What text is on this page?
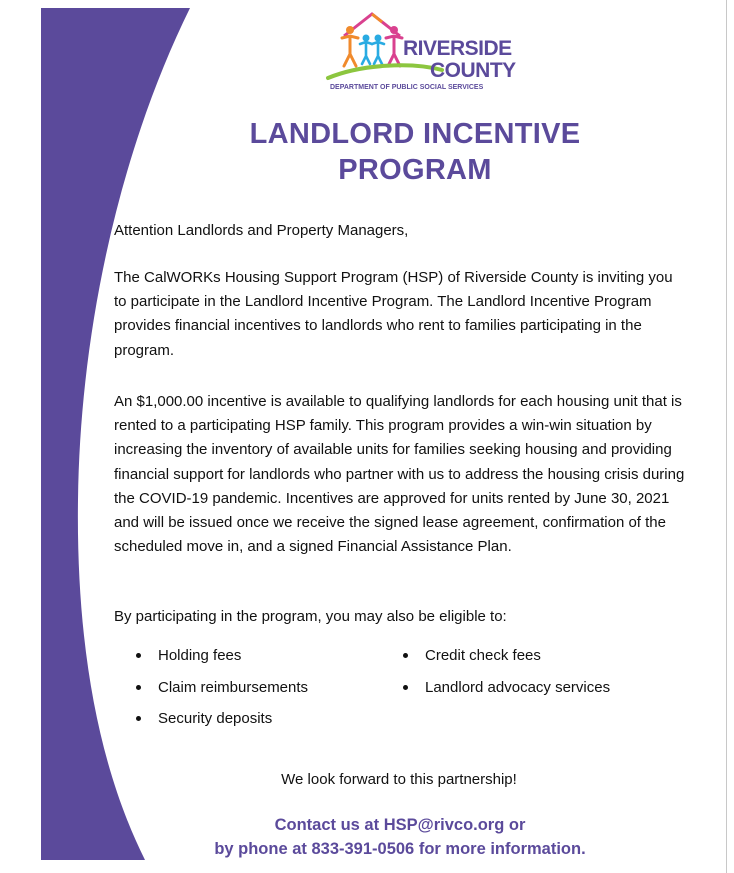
RIVERSIDE
COUNTY
DEPARTMENT OF PUBLIC SOCIAL SERVICES
LANDLORD INCENTIVE
PROGRAM
Attention Landlords and Property Managers,
The CalWORKs Housing Support Program (HSP) of Riverside County is inviting you to participate in the Landlord Incentive Program. The Landlord Incentive Program provides financial incentives to landlords who rent to families participating in the program.
An $1,000.00 incentive is available to qualifying landlords for each housing unit that is rented to a participating HSP family. This program provides a win-win situation by increasing the inventory of available units for families seeking housing and providing financial support for landlords who partner with us to address the housing crisis during the COVID-19 pandemic. Incentives are approved for units rented by June 30, 2021 and will be issued once we receive the signed lease agreement, confirmation of the scheduled move in, and a signed Financial Assistance Plan.
By participating in the program, you may also be eligible to:
Holding fees
Claim reimbursements
Security deposits
Credit check fees
Landlord advocacy services
We look forward to this partnership!
Contact us at HSP@rivco.org or
by phone at 833-391-0506 for more information.
